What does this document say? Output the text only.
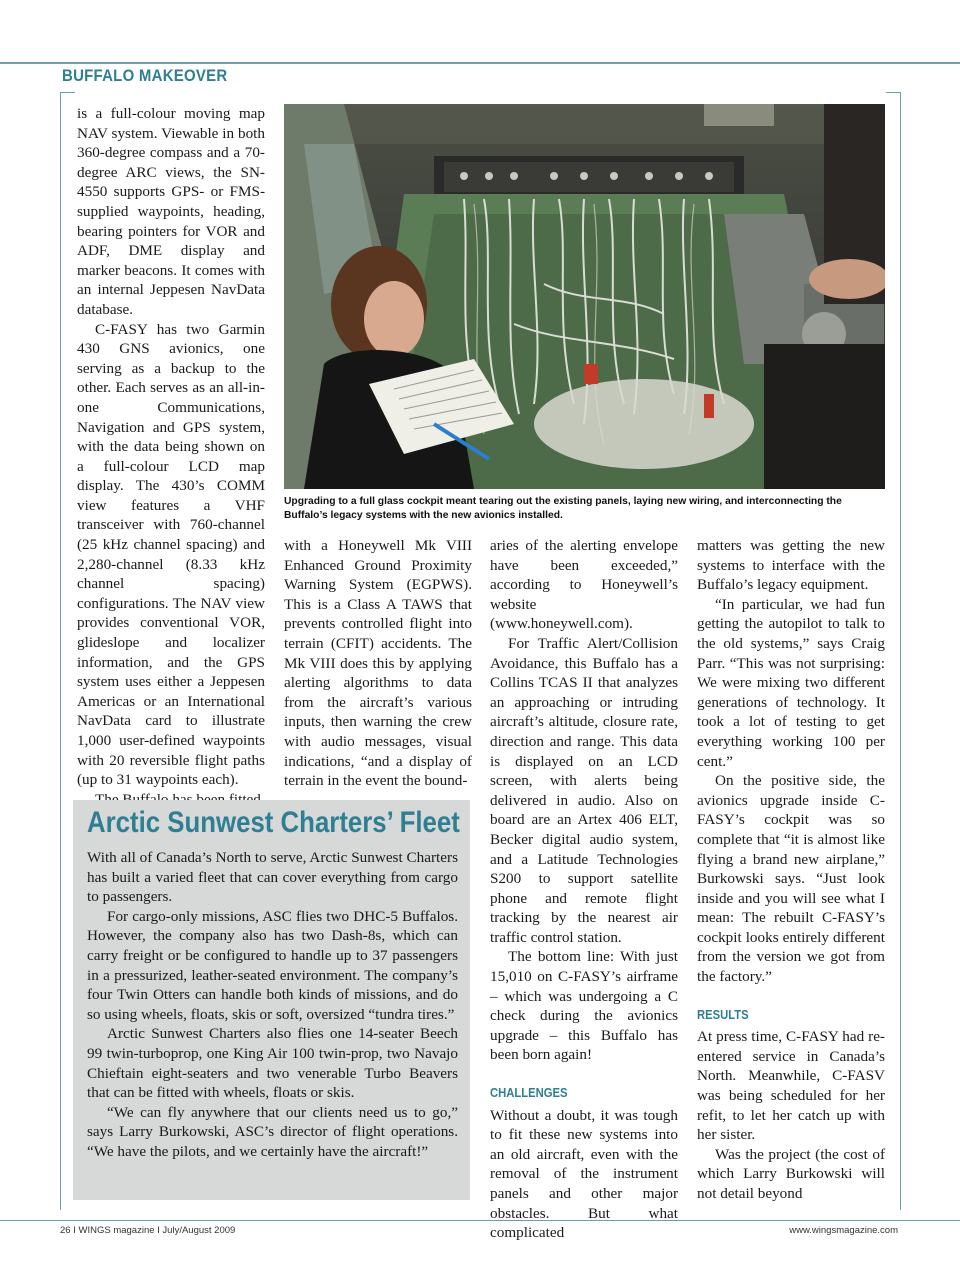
BUFFALO MAKEOVER

is a full-colour moving map NAV system. Viewable in both 360-degree compass and a 70-degree ARC views, the SN-4550 supports GPS- or FMS-supplied waypoints, heading, bearing pointers for VOR and ADF, DME display and marker beacons. It comes with an internal Jeppesen NavData database.

C-FASY has two Garmin 430 GNS avionics, one serving as a backup to the other. Each serves as an all-in-one Communications, Navigation and GPS system, with the data being shown on a full-colour LCD map display. The 430’s COMM view features a VHF transceiver with 760-channel (25 kHz channel spacing) and 2,280-channel (8.33 kHz channel spacing) configurations. The NAV view provides conventional VOR, glideslope and localizer information, and the GPS system uses either a Jeppesen Americas or an International NavData card to illustrate 1,000 user-defined waypoints with 20 reversible flight paths (up to 31 waypoints each).

Upgrading to a full glass cockpit meant tearing out the existing panels, laying new wiring, and interconnecting the Buffalo’s legacy systems with the new avionics installed.

with a Honeywell Mk VIII Enhanced Ground Proximity Warning System (EGPWS). This is a Class A TAWS that prevents controlled flight into terrain (CFIT) accidents. The Mk VIII does this by applying alerting algorithms to data from the aircraft’s various inputs, then warning the crew with audio messages, visual indications, “and a display of terrain in the event the bound-

aries of the alerting envelope have been exceeded,” according to Honeywell’s website (www.honeywell.com).

For Traffic Alert/Collision Avoidance, this Buffalo has a Collins TCAS II that analyzes an approaching or intruding aircraft’s altitude, closure rate, direction and range. This data is displayed on an LCD screen, with alerts being delivered in audio. Also on board are an Artex 406 ELT, Becker digital audio system, and a Latitude Technologies S200 to support satellite phone and remote flight tracking by the nearest air traffic control station.

The bottom line: With just 15,010 on C-FASY’s airframe – which was undergoing a C check during the avionics upgrade – this Buffalo has been born again!

CHALLENGES

Without a doubt, it was tough to fit these new systems into an old aircraft, even with the removal of the instrument panels and other major obstacles. But what complicated

matters was getting the new systems to interface with the Buffalo’s legacy equipment.

“In particular, we had fun getting the autopilot to talk to the old systems,” says Craig Parr. “This was not surprising: We were mixing two different generations of technology. It took a lot of testing to get everything working 100 per cent.”

On the positive side, the avionics upgrade inside C-FASY’s cockpit was so complete that “it is almost like flying a brand new airplane,” Burkowski says. “Just look inside and you will see what I mean: The rebuilt C-FASY’s cockpit looks entirely different from the version we got from the factory.”

RESULTS

At press time, C-FASY had re-entered service in Canada’s North. Meanwhile, C-FASV was being scheduled for her refit, to let her catch up with her sister.

Was the project (the cost of which Larry Burkowski will not detail beyond

Arctic Sunwest Charters’ Fleet

With all of Canada’s North to serve, Arctic Sunwest Charters has built a varied fleet that can cover everything from cargo to passengers.

For cargo-only missions, ASC flies two DHC-5 Buffalos. However, the company also has two Dash-8s, which can carry freight or be configured to handle up to 37 passengers in a pressurized, leather-seated environment. The company’s four Twin Otters can handle both kinds of missions, and do so using wheels, floats, skis or soft, oversized “tundra tires.”

Arctic Sunwest Charters also flies one 14-seater Beech 99 twin-turboprop, one King Air 100 twin-prop, two Navajo Chieftain eight-seaters and two venerable Turbo Beavers that can be fitted with wheels, floats or skis.

“We can fly anywhere that our clients need us to go,” says Larry Burkowski, ASC’s director of flight operations. “We have the pilots, and we certainly have the aircraft!”

26 I WINGS magazine I July/August 2009	www.wingsmagazine.com
